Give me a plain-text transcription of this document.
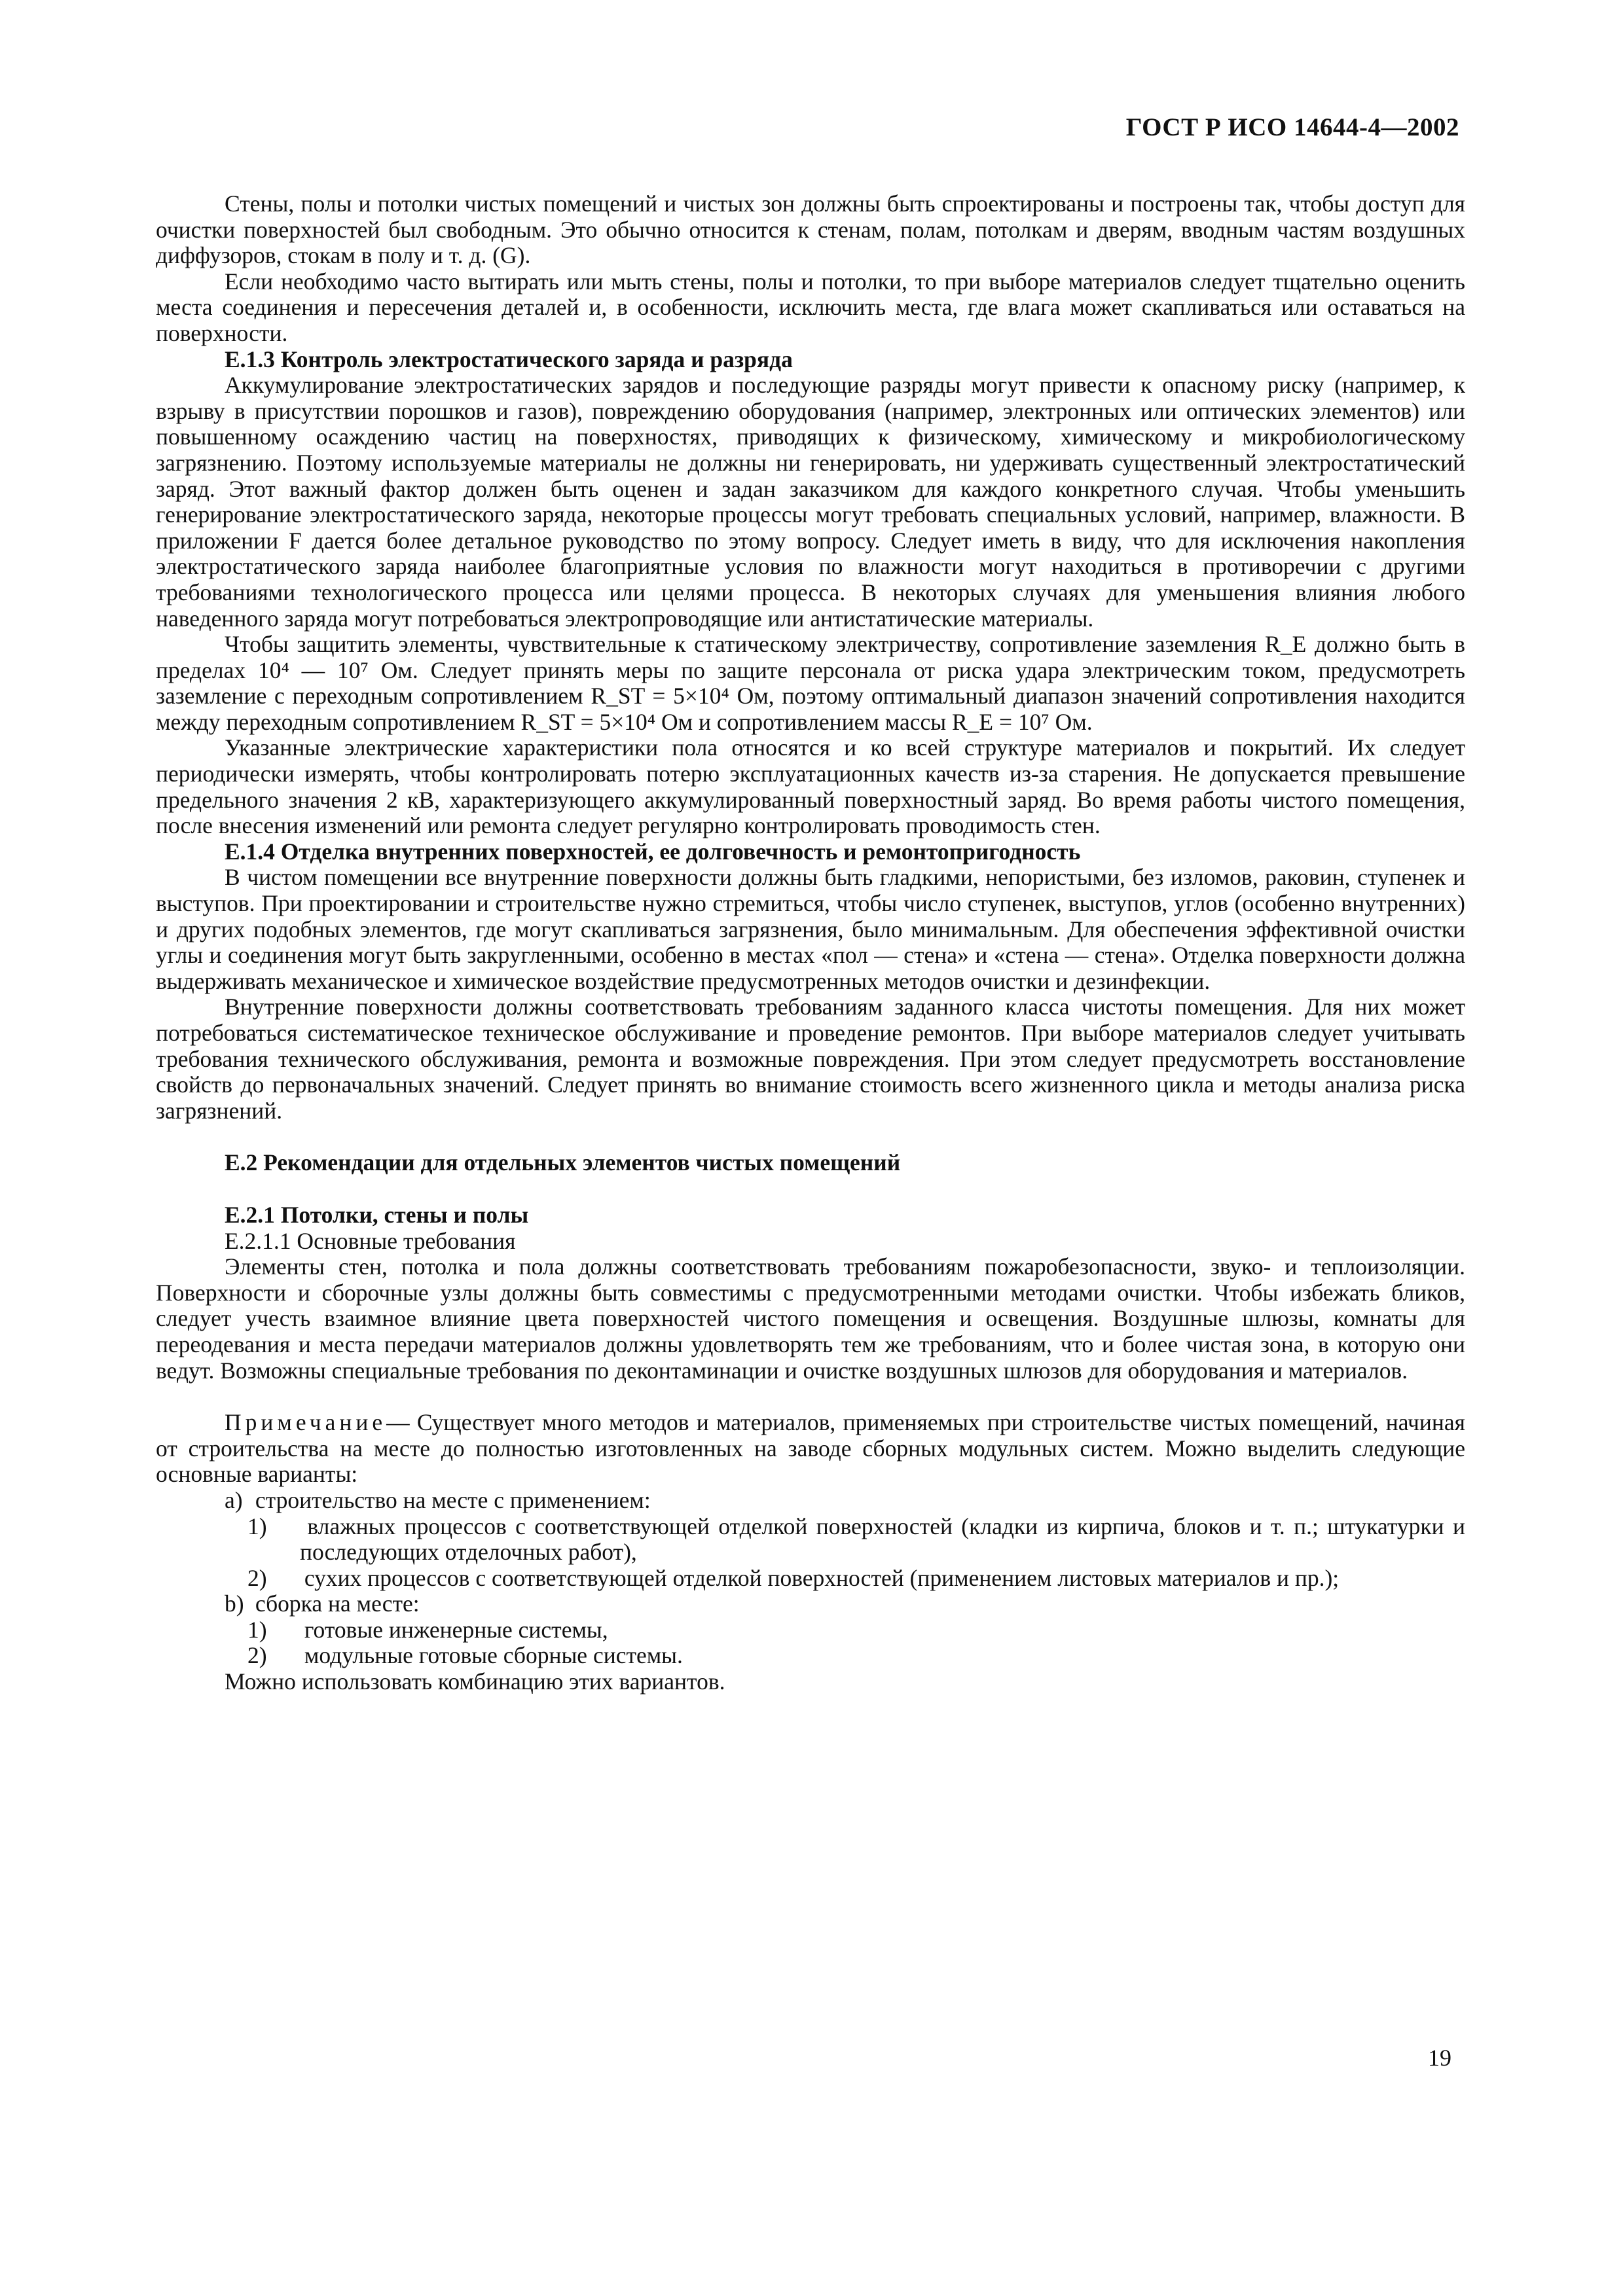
ГОСТ Р ИСО 14644-4—2002

Стены, полы и потолки чистых помещений и чистых зон должны быть спроектированы и построены так, чтобы доступ для очистки поверхностей был свободным. Это обычно относится к стенам, полам, потолкам и дверям, вводным частям воздушных диффузоров, стокам в полу и т. д. (G).

Если необходимо часто вытирать или мыть стены, полы и потолки, то при выборе материалов следует тщательно оценить места соединения и пересечения деталей и, в особенности, исключить места, где влага может скапливаться или оставаться на поверхности.

E.1.3 Контроль электростатического заряда и разряда

Аккумулирование электростатических зарядов и последующие разряды могут привести к опасному риску (например, к взрыву в присутствии порошков и газов), повреждению оборудования (например, электронных или оптических элементов) или повышенному осаждению частиц на поверхностях, приводящих к физическому, химическому и микробиологическому загрязнению. Поэтому используемые материалы не должны ни генерировать, ни удерживать существенный электростатический заряд. Этот важный фактор должен быть оценен и задан заказчиком для каждого конкретного случая. Чтобы уменьшить генерирование электростатического заряда, некоторые процессы могут требовать специальных условий, например, влажности. В приложении F дается более детальное руководство по этому вопросу. Следует иметь в виду, что для исключения накопления электростатического заряда наиболее благоприятные условия по влажности могут находиться в противоречии с другими требованиями технологического процесса или целями процесса. В некоторых случаях для уменьшения влияния любого наведенного заряда могут потребоваться электропроводящие или антистатические материалы.

Чтобы защитить элементы, чувствительные к статическому электричеству, сопротивление заземления R_E должно быть в пределах 10⁴ — 10⁷ Ом. Следует принять меры по защите персонала от риска удара электрическим током, предусмотреть заземление с переходным сопротивлением R_ST = 5×10⁴ Ом, поэтому оптимальный диапазон значений сопротивления находится между переходным сопротивлением R_ST = 5×10⁴ Ом и сопротивлением массы R_E = 10⁷ Ом.

Указанные электрические характеристики пола относятся и ко всей структуре материалов и покрытий. Их следует периодически измерять, чтобы контролировать потерю эксплуатационных качеств из-за старения. Не допускается превышение предельного значения 2 кВ, характеризующего аккумулированный поверхностный заряд. Во время работы чистого помещения, после внесения изменений или ремонта следует регулярно контролировать проводимость стен.

E.1.4 Отделка внутренних поверхностей, ее долговечность и ремонтопригодность

В чистом помещении все внутренние поверхности должны быть гладкими, непористыми, без изломов, раковин, ступенек и выступов. При проектировании и строительстве нужно стремиться, чтобы число ступенек, выступов, углов (особенно внутренних) и других подобных элементов, где могут скапливаться загрязнения, было минимальным. Для обеспечения эффективной очистки углы и соединения могут быть закругленными, особенно в местах «пол — стена» и «стена — стена». Отделка поверхности должна выдерживать механическое и химическое воздействие предусмотренных методов очистки и дезинфекции.

Внутренние поверхности должны соответствовать требованиям заданного класса чистоты помещения. Для них может потребоваться систематическое техническое обслуживание и проведение ремонтов. При выборе материалов следует учитывать требования технического обслуживания, ремонта и возможные повреждения. При этом следует предусмотреть восстановление свойств до первоначальных значений. Следует принять во внимание стоимость всего жизненного цикла и методы анализа риска загрязнений.

E.2 Рекомендации для отдельных элементов чистых помещений

E.2.1 Потолки, стены и полы

E.2.1.1 Основные требования

Элементы стен, потолка и пола должны соответствовать требованиям пожаробезопасности, звуко- и теплоизоляции. Поверхности и сборочные узлы должны быть совместимы с предусмотренными методами очистки. Чтобы избежать бликов, следует учесть взаимное влияние цвета поверхностей чистого помещения и освещения. Воздушные шлюзы, комнаты для переодевания и места передачи материалов должны удовлетворять тем же требованиям, что и более чистая зона, в которую они ведут. Возможны специальные требования по деконтаминации и очистке воздушных шлюзов для оборудования и материалов.

Примечание— Существует много методов и материалов, применяемых при строительстве чистых помещений, начиная от строительства на месте до полностью изготовленных на заводе сборных модульных систем. Можно выделить следующие основные варианты:

a) строительство на месте с применением:

1) влажных процессов с соответствующей отделкой поверхностей (кладки из кирпича, блоков и т. п.; штукатурки и последующих отделочных работ),

2) сухих процессов с соответствующей отделкой поверхностей (применением листовых материалов и пр.);

b) сборка на месте:

1) готовые инженерные системы,

2) модульные готовые сборные системы.

Можно использовать комбинацию этих вариантов.

19
